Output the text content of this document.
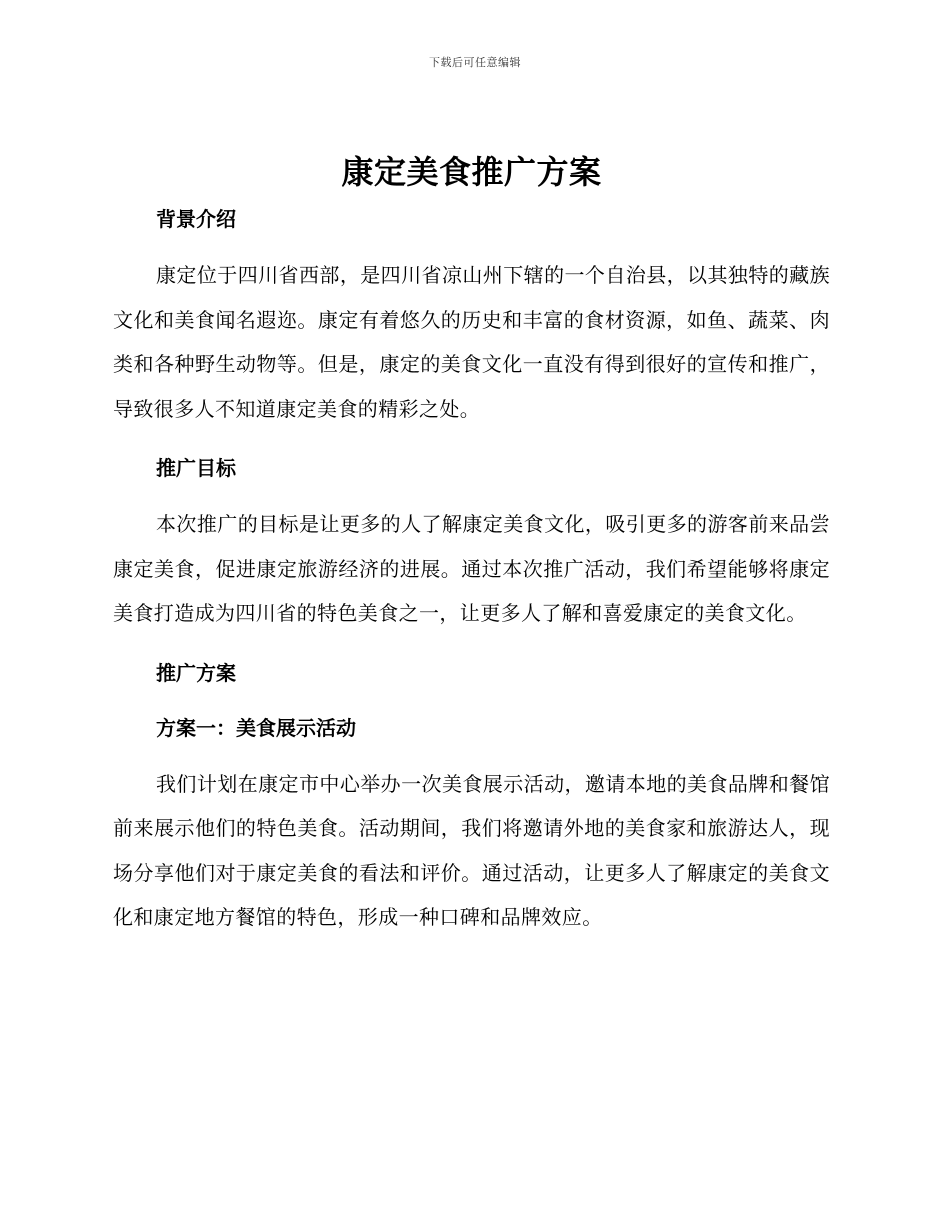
下载后可任意编辑
康定美食推广方案

背景介绍

康定位于四川省西部，是四川省凉山州下辖的一个自治县，以其独特的藏族文化和美食闻名遐迩。康定有着悠久的历史和丰富的食材资源，如鱼、蔬菜、肉类和各种野生动物等。但是，康定的美食文化一直没有得到很好的宣传和推广，导致很多人不知道康定美食的精彩之处。

推广目标

本次推广的目标是让更多的人了解康定美食文化，吸引更多的游客前来品尝康定美食，促进康定旅游经济的进展。通过本次推广活动，我们希望能够将康定美食打造成为四川省的特色美食之一，让更多人了解和喜爱康定的美食文化。

推广方案

方案一：美食展示活动

我们计划在康定市中心举办一次美食展示活动，邀请本地的美食品牌和餐馆前来展示他们的特色美食。活动期间，我们将邀请外地的美食家和旅游达人，现场分享他们对于康定美食的看法和评价。通过活动，让更多人了解康定的美食文化和康定地方餐馆的特色，形成一种口碑和品牌效应。
